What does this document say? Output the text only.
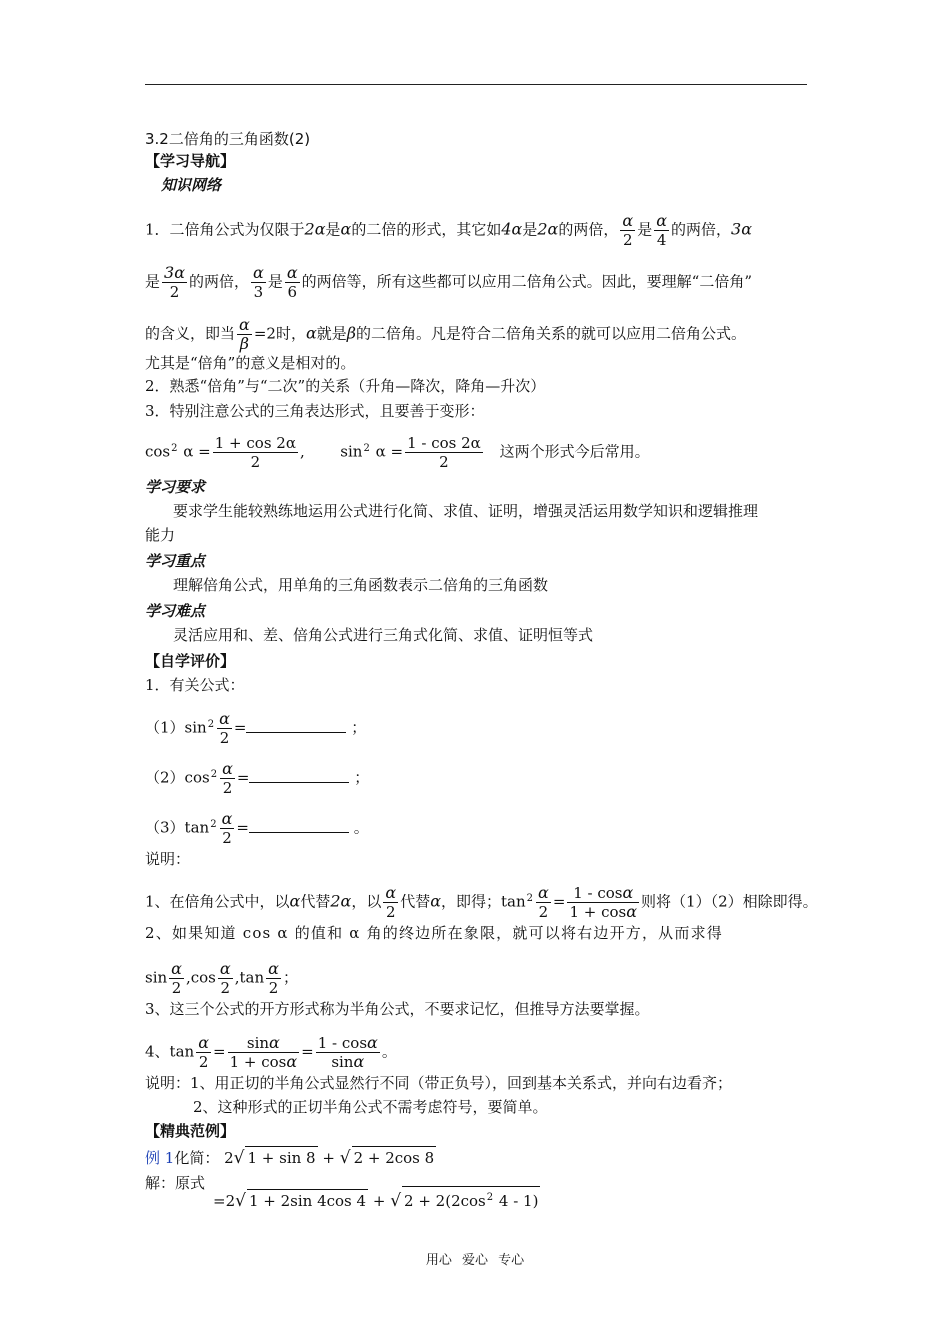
3.2二倍角的三角函数(2)
【学习导航】
知识网络
1．二倍角公式为仅限于2α是α的二倍的形式，其它如4α是2α的两倍， $\frac{\alpha}{2}$ 是 $\frac{\alpha}{4}$ 的两倍，3α
是 $\frac{3\alpha}{2}$ 的两倍， $\frac{\alpha}{3}$ 是 $\frac{\alpha}{6}$ 的两倍等，所有这些都可以应用二倍角公式。因此，要理解“二倍角”
的含义，即当 $\frac{\alpha}{\beta} =2$时，α就是β的二倍角。凡是符合二倍角关系的就可以应用二倍角公式。
尤其是“倍角”的意义是相对的。
2．熟悉“倍角”与“二次”的关系（升角—降次，降角—升次）
3．特别注意公式的三角表达形式，且要善于变形：
$\cos^2 \alpha = \frac{1 + \cos 2\alpha}{2}$ ,  $\sin^2 \alpha = \frac{1 - \cos 2\alpha}{2}$ 这两个形式今后常用。
学习要求
要求学生能较熟练地运用公式进行化简、求值、证明，增强灵活运用数学知识和逻辑推理
能力
学习重点
理解倍角公式，用单角的三角函数表示二倍角的三角函数
学习难点
灵活应用和、差、倍角公式进行三角式化简、求值、证明恒等式
【自学评价】
1．有关公式：
$(1)\sin^2 \frac{\alpha}{2}$ =	；
$(2)\cos^2 \frac{\alpha}{2}$ =	；
$(3)\tan^2 \frac{\alpha}{2}$ =	。
说明：
1、在倍角公式中，以α代替2α，以 $\frac{\alpha}{2}$ 代替α，即得；$\tan^2 \frac{\alpha}{2} = \frac{1 - \cos\alpha}{1 + \cos\alpha}$ 则将（1）（2）相除即得。
2、如果知道 cos α 的值和 α 角的终边所在象限，就可以将右边开方，从而求得
$\sin \frac{\alpha}{2} ,\cos \frac{\alpha}{2} ,\tan \frac{\alpha}{2}$ ；
3、这三个公式的开方形式称为半角公式，不要求记忆，但推导方法要掌握。
4、$\tan \frac{\alpha}{2} = \frac{\sin\alpha}{1 + \cos\alpha} = \frac{1 - \cos\alpha}{\sin\alpha}$ 。
说明：1、用正切的半角公式显然行不同（带正负号），回到基本关系式，并向右边看齐；
2、这种形式的正切半角公式不需考虑符号，要简单。
【精典范例】
例 1化简： 2√ 1 + sin 8 + √ 2 + 2cos 8
解：原式
=2√ 1 + 2sin 4cos 4 + √ $2 + 2(2\cos^2$ 4 - 1)
用心 爱心 专心
